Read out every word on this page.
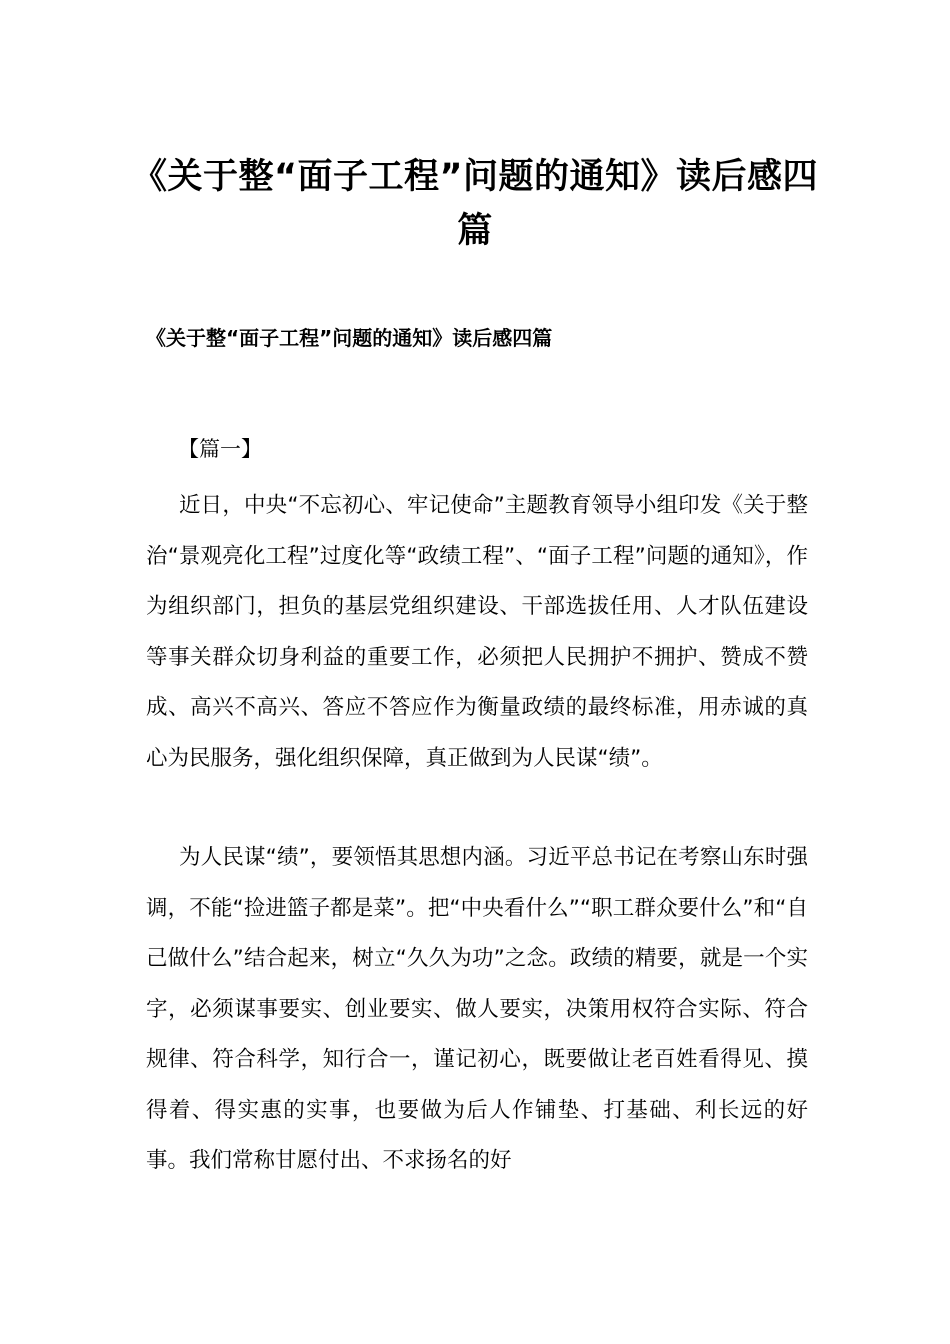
《关于整“面子工程”问题的通知》读后感四篇
《关于整“面子工程”问题的通知》读后感四篇
【篇一】

近日，中央“不忘初心、牢记使命”主题教育领导小组印发《关于整治“景观亮化工程”过度化等“政绩工程”、“面子工程”问题的通知》，作为组织部门，担负的基层党组织建设、干部选拔任用、人才队伍建设等事关群众切身利益的重要工作，必须把人民拥护不拥护、赞成不赞成、高兴不高兴、答应不答应作为衡量政绩的最终标准，用赤诚的真心为民服务，强化组织保障，真正做到为人民谋“绩”。

为人民谋“绩”，要领悟其思想内涵。习近平总书记在考察山东时强调，不能“捡进篮子都是菜”。把“中央看什么”“职工群众要什么”和“自己做什么”结合起来，树立“久久为功”之念。政绩的精要，就是一个实字，必须谋事要实、创业要实、做人要实，决策用权符合实际、符合规律、符合科学，知行合一，谨记初心，既要做让老百姓看得见、摸得着、得实惠的实事，也要做为后人作铺垫、打基础、利长远的好事。我们常称甘愿付出、不求扬名的好
